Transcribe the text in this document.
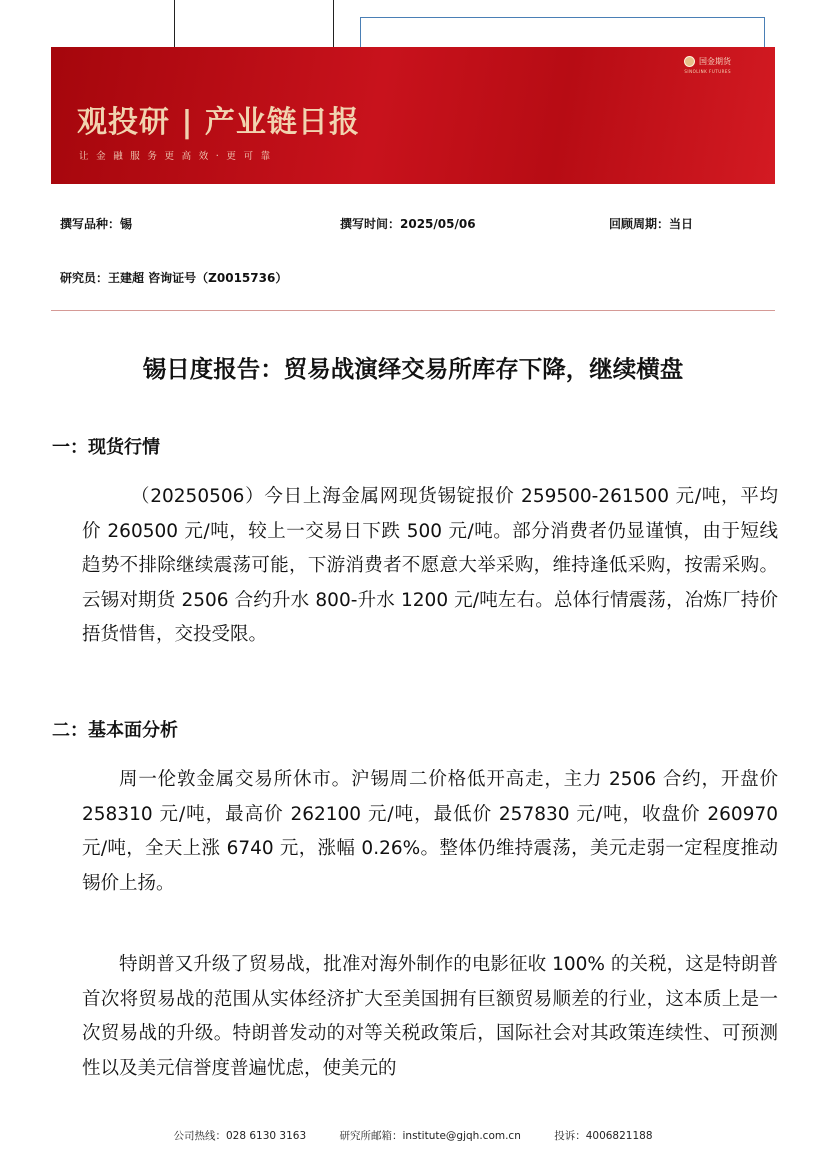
国金期货
SINOLINK FUTURES
观投研 | 产业链日报
让金融服务更高效·更可靠
撰写品种：锡	撰写时间：2025/05/06	回顾周期：当日
研究员：王建超 咨询证号（Z0015736）
锡日度报告：贸易战演绎交易所库存下降，继续横盘
一：现货行情

（20250506）今日上海金属网现货锡锭报价 259500-261500 元/吨，平均价 260500 元/吨，较上一交易日下跌 500 元/吨。部分消费者仍显谨慎，由于短线趋势不排除继续震荡可能，下游消费者不愿意大举采购，维持逢低采购，按需采购。云锡对期货 2506 合约升水 800-升水 1200 元/吨左右。总体行情震荡，冶炼厂持价捂货惜售，交投受限。

二：基本面分析

周一伦敦金属交易所休市。沪锡周二价格低开高走，主力 2506 合约，开盘价 258310 元/吨，最高价 262100 元/吨，最低价 257830 元/吨，收盘价 260970 元/吨，全天上涨 6740 元，涨幅 0.26%。整体仍维持震荡，美元走弱一定程度推动锡价上扬。

特朗普又升级了贸易战，批准对海外制作的电影征收 100% 的关税，这是特朗普首次将贸易战的范围从实体经济扩大至美国拥有巨额贸易顺差的行业，这本质上是一次贸易战的升级。特朗普发动的对等关税政策后，国际社会对其政策连续性、可预测性以及美元信誉度普遍忧虑，使美元的

公司热线：028 6130 3163	研究所邮箱：institute@gjqh.com.cn	投诉：4006821188
